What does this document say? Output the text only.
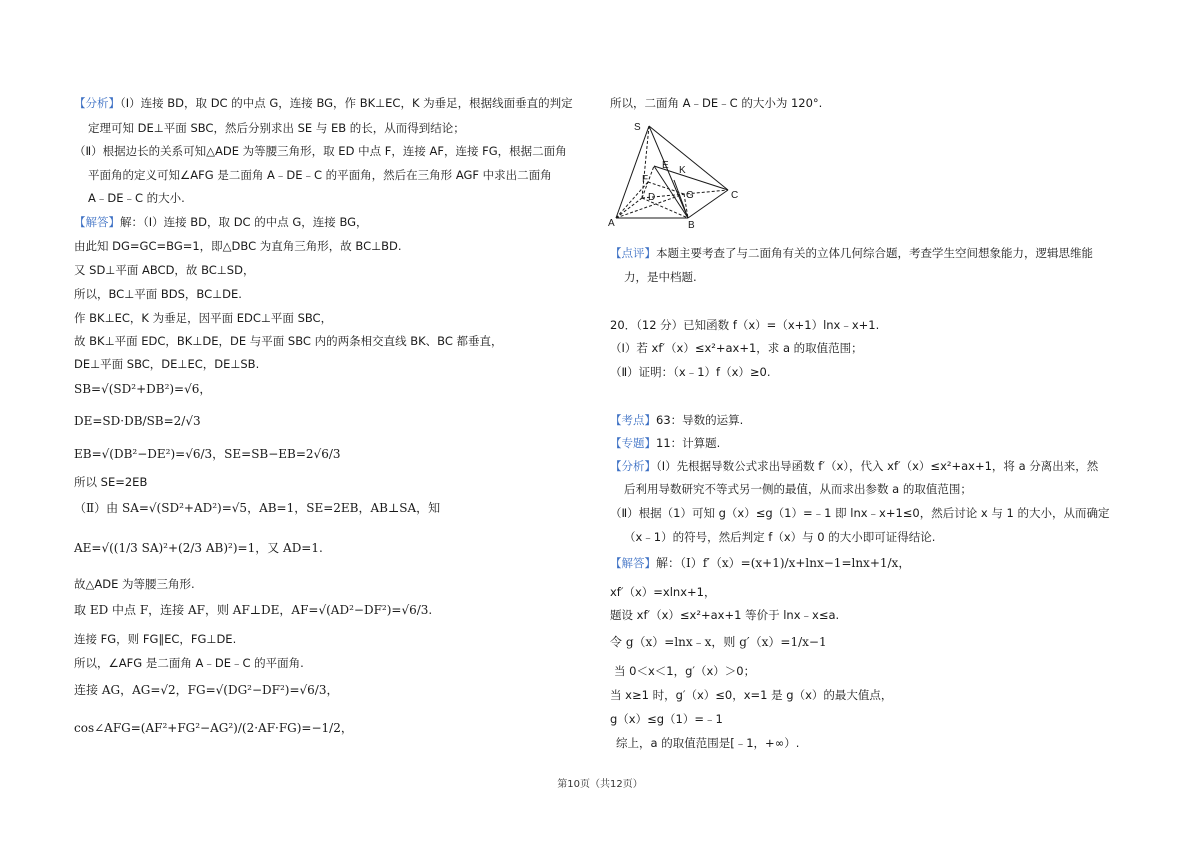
【分析】（Ⅰ）连接 BD，取 DC 的中点 G，连接 BG，作 BK⊥EC，K 为垂足，根据线面垂直的判定
定理可知 DE⊥平面 SBC，然后分别求出 SE 与 EB 的长，从而得到结论；
（Ⅱ）根据边长的关系可知△ADE 为等腰三角形，取 ED 中点 F，连接 AF，连接 FG，根据二面角
平面角的定义可知∠AFG 是二面角 A﹣DE﹣C 的平面角，然后在三角形 AGF 中求出二面角
A﹣DE﹣C 的大小.
【解答】解：（Ⅰ）连接 BD，取 DC 的中点 G，连接 BG，
由此知 DG=GC=BG=1，即△DBC 为直角三角形，故 BC⊥BD.
又 SD⊥平面 ABCD，故 BC⊥SD，
所以，BC⊥平面 BDS，BC⊥DE.
作 BK⊥EC，K 为垂足，因平面 EDC⊥平面 SBC，
故 BK⊥平面 EDC，BK⊥DE，DE 与平面 SBC 内的两条相交直线 BK、BC 都垂直，
DE⊥平面 SBC，DE⊥EC，DE⊥SB.
SB=√(SD²+DB²)=√6，
DE=SD·DB/SB=2/√3
EB=√(DB²−DE²)=√6/3，SE=SB−EB=2√6/3
所以 SE=2EB
（Ⅱ）由 SA=√(SD²+AD²)=√5，AB=1，SE=2EB，AB⊥SA，知
AE=√((1/3 SA)²+(2/3 AB)²)=1，又 AD=1.
故△ADE 为等腰三角形.
取 ED 中点 F，连接 AF，则 AF⊥DE，AF=√(AD²−DF²)=√6/3.
连接 FG，则 FG∥EC，FG⊥DE.
所以，∠AFG 是二面角 A﹣DE﹣C 的平面角.
连接 AG，AG=√2，FG=√(DG²−DF²)=√6/3，
cos∠AFG=(AF²+FG²−AG²)/(2·AF·FG)=−1/2，
所以，二面角 A﹣DE﹣C 的大小为 120°.
S
E K
F
D	G
A	B
C
【点评】本题主要考查了与二面角有关的立体几何综合题，考查学生空间想象能力，逻辑思维能
力，是中档题.
20．（12 分）已知函数 f（x）=（x+1）lnx﹣x+1.
（Ⅰ）若 xf′（x）≤x²+ax+1，求 a 的取值范围；
（Ⅱ）证明：（x﹣1）f（x）≥0.
【考点】63：导数的运算.
【专题】11：计算题.
【分析】（Ⅰ）先根据导数公式求出导函数 f′（x），代入 xf′（x）≤x²+ax+1，将 a 分离出来，然
后利用导数研究不等式另一侧的最值，从而求出参数 a 的取值范围；
（Ⅱ）根据（1）可知 g（x）≤g（1）=﹣1 即 lnx﹣x+1≤0，然后讨论 x 与 1 的大小，从而确定
（x﹣1）的符号，然后判定 f（x）与 0 的大小即可证得结论.
【解答】解：（Ⅰ）f′（x）=(x+1)/x+lnx−1=lnx+1/x，
xf′（x）=xlnx+1，
题设 xf′（x）≤x²+ax+1 等价于 lnx﹣x≤a.
令 g（x）=lnx﹣x，则 g′（x）=1/x−1
当 0＜x＜1，g′（x）＞0；
当 x≥1 时，g′（x）≤0，x=1 是 g（x）的最大值点，
g（x）≤g（1）=﹣1
综上，a 的取值范围是[﹣1，+∞）.
第10页（共12页）
